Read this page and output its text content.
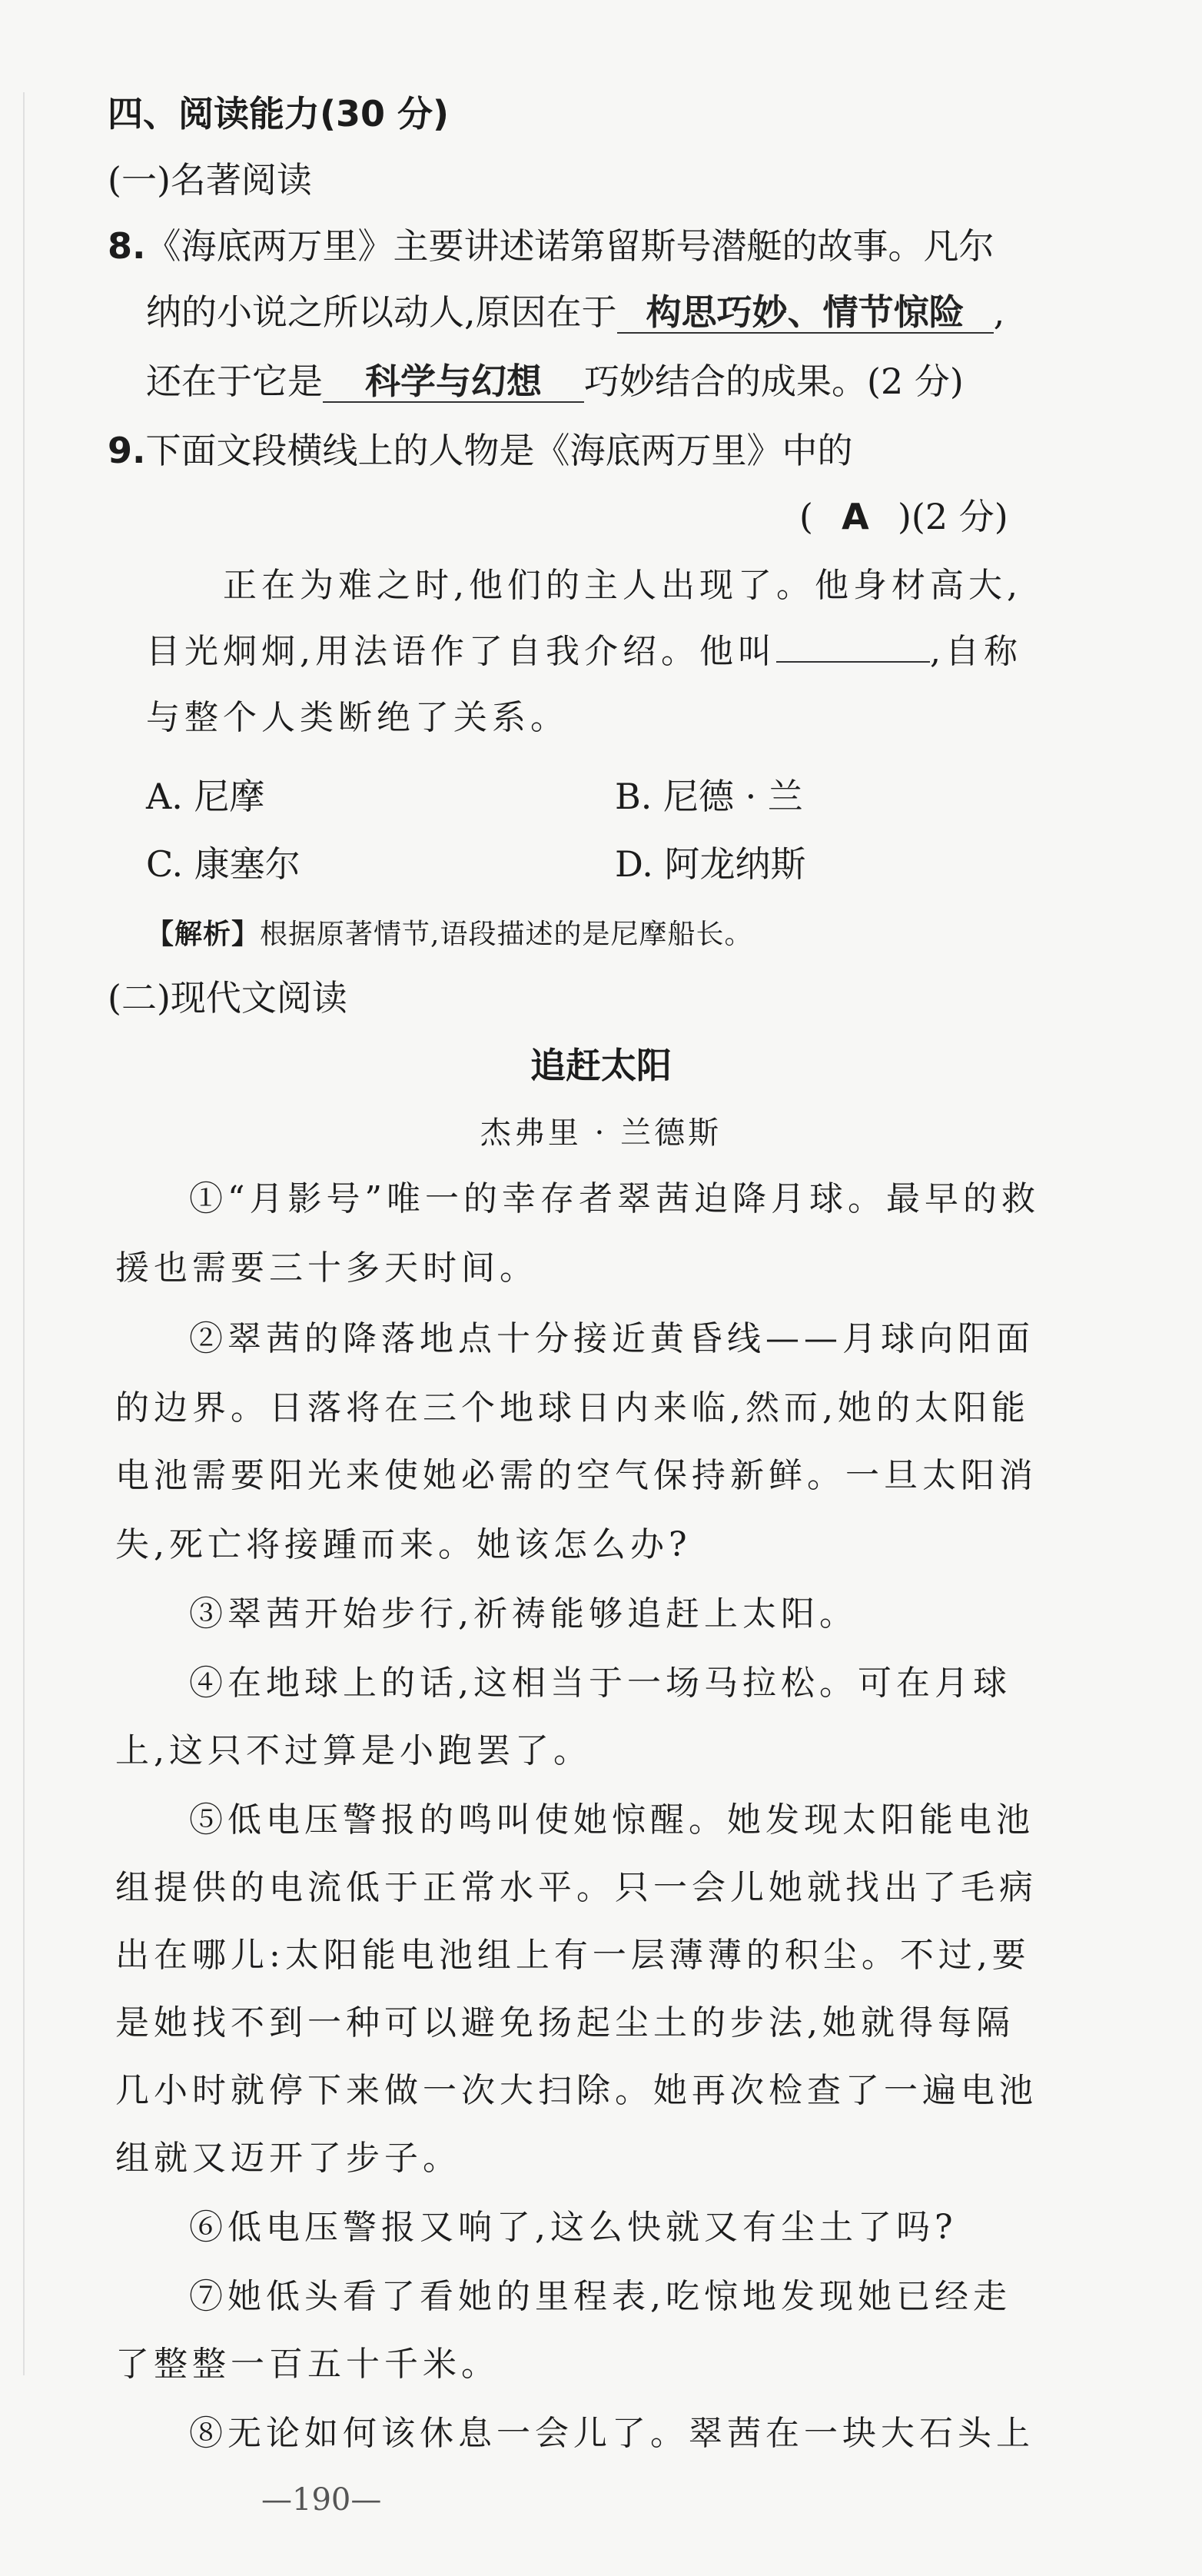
四、阅读能力(30 分)
(一)名著阅读
8.《海底两万里》主要讲述诺第留斯号潜艇的故事。凡尔
纳的小说之所以动人,原因在于 构思巧妙、情节惊险 ,
还在于它是 科学与幻想 巧妙结合的成果。(2 分)
9.下面文段横线上的人物是《海底两万里》中的
( A )(2 分)
正在为难之时,他们的主人出现了。他身材高大,
目光炯炯,用法语作了自我介绍。他叫	,自称
与整个人类断绝了关系。
A. 尼摩	B. 尼德 · 兰
C. 康塞尔	D. 阿龙纳斯
【解析】根据原著情节,语段描述的是尼摩船长。
(二)现代文阅读
追赶太阳
杰弗里 · 兰德斯
①“月影号”唯一的幸存者翠茜迫降月球。最早的救
援也需要三十多天时间。
②翠茜的降落地点十分接近黄昏线——月球向阳面
的边界。日落将在三个地球日内来临,然而,她的太阳能
电池需要阳光来使她必需的空气保持新鲜。一旦太阳消
失,死亡将接踵而来。她该怎么办?
③翠茜开始步行,祈祷能够追赶上太阳。
④在地球上的话,这相当于一场马拉松。可在月球
上,这只不过算是小跑罢了。
⑤低电压警报的鸣叫使她惊醒。她发现太阳能电池
组提供的电流低于正常水平。只一会儿她就找出了毛病
出在哪儿:太阳能电池组上有一层薄薄的积尘。不过,要
是她找不到一种可以避免扬起尘土的步法,她就得每隔
几小时就停下来做一次大扫除。她再次检查了一遍电池
组就又迈开了步子。
⑥低电压警报又响了,这么快就又有尘土了吗?
⑦她低头看了看她的里程表,吃惊地发现她已经走
了整整一百五十千米。
⑧无论如何该休息一会儿了。翠茜在一块大石头上
—190—
